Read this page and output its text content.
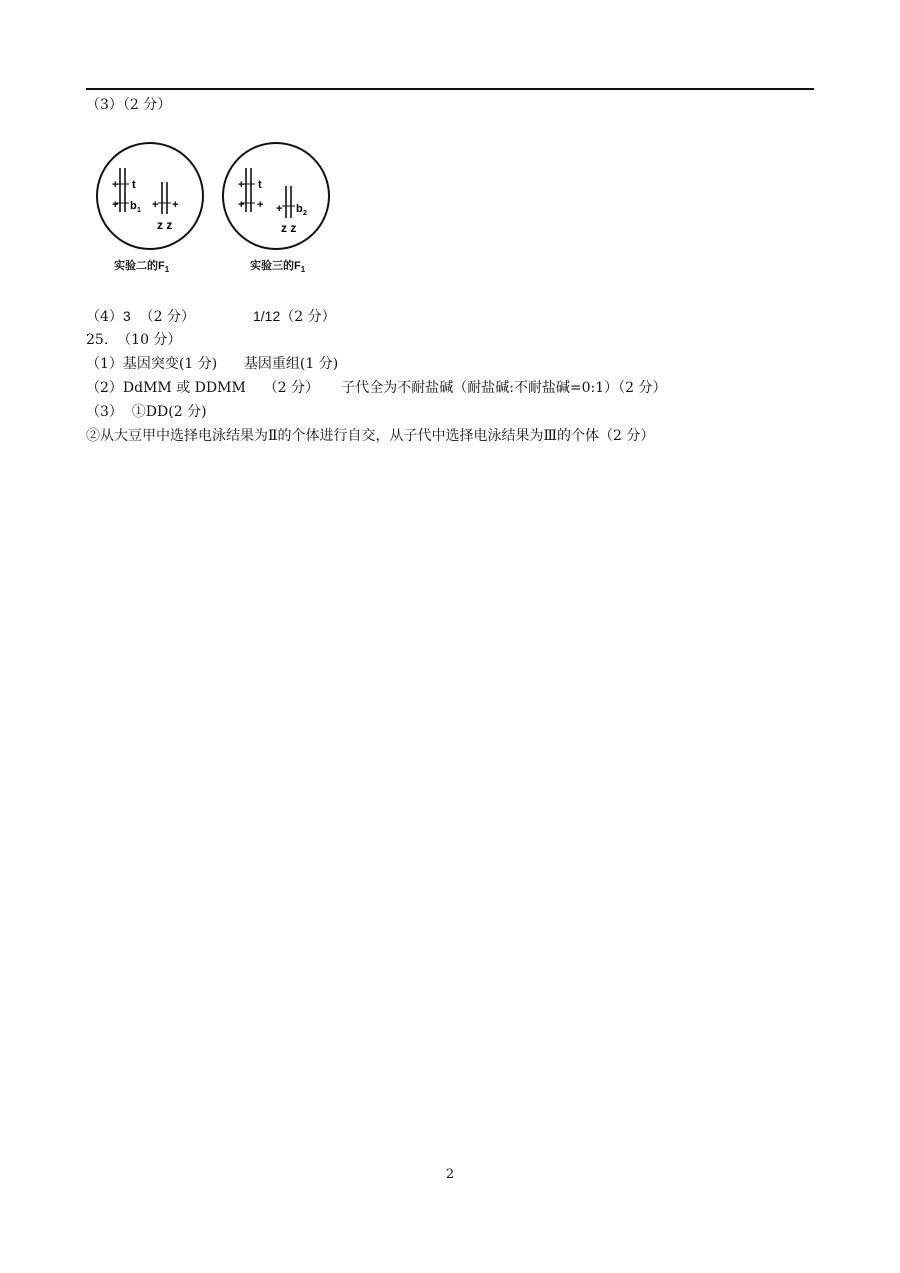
（3）（2 分）
+ t
+ b 1 + +
z z
实验二的$F_1$
+ t
+ + + b 2
z z
实验三的$F_1$
（4）3 （2 分）	1/12（2 分）
25.  （10 分）
（1）基因突变(1 分)      基因重组(1 分)
（2）DdMM 或 DDMM    （2 分）     子代全为不耐盐碱（耐盐碱:不耐盐碱=0:1）（2 分）
（3）  ①DD(2 分)
②从大豆甲中选择电泳结果为Ⅱ的个体进行自交，从子代中选择电泳结果为Ⅲ的个体（2 分）
2
